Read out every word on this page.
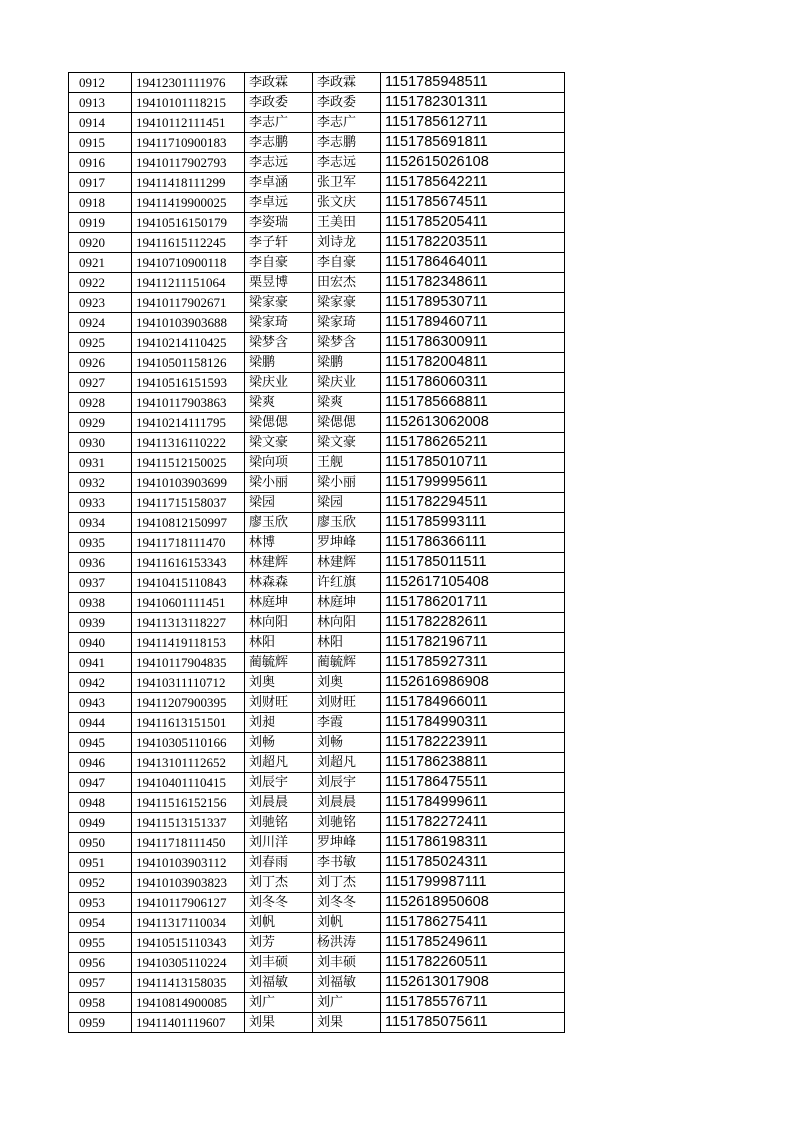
0912	19412301111976	李政霖	李政霖	1151785948511
0913	19410101118215	李政委	李政委	1151782301311
0914	19410112111451	李志广	李志广	1151785612711
0915	19411710900183	李志鹏	李志鹏	1151785691811
0916	19410117902793	李志远	李志远	1152615026108
0917	19411418111299	李卓涵	张卫军	1151785642211
0918	19411419900025	李卓远	张文庆	1151785674511
0919	19410516150179	李姿瑞	王美田	1151785205411
0920	19411615112245	李子轩	刘诗龙	1151782203511
0921	19410710900118	李自豪	李自豪	1151786464011
0922	19411211151064	栗昱博	田宏杰	1151782348611
0923	19410117902671	梁家豪	梁家豪	1151789530711
0924	19410103903688	梁家琦	梁家琦	1151789460711
0925	19410214110425	梁梦含	梁梦含	1151786300911
0926	19410501158126	梁鹏	梁鹏	1151782004811
0927	19410516151593	梁庆业	梁庆业	1151786060311
0928	19410117903863	梁爽	梁爽	1151785668811
0929	19410214111795	梁偲偲	梁偲偲	1152613062008
0930	19411316110222	梁文豪	梁文豪	1151786265211
0931	19411512150025	梁向项	王舰	1151785010711
0932	19410103903699	梁小丽	梁小丽	1151799995611
0933	19411715158037	梁园	梁园	1151782294511
0934	19410812150997	廖玉欣	廖玉欣	1151785993111
0935	19411718111470	林博	罗坤峰	1151786366111
0936	19411616153343	林建辉	林建辉	1151785011511
0937	19410415110843	林森森	许红旗	1152617105408
0938	19410601111451	林庭坤	林庭坤	1151786201711
0939	19411313118227	林向阳	林向阳	1151782282611
0940	19411419118153	林阳	林阳	1151782196711
0941	19410117904835	蔺毓辉	蔺毓辉	1151785927311
0942	19410311110712	刘奥	刘奥	1152616986908
0943	19411207900395	刘财旺	刘财旺	1151784966011
0944	19411613151501	刘昶	李霞	1151784990311
0945	19410305110166	刘畅	刘畅	1151782223911
0946	19413101112652	刘超凡	刘超凡	1151786238811
0947	19410401110415	刘辰宇	刘辰宇	1151786475511
0948	19411516152156	刘晨晨	刘晨晨	1151784999611
0949	19411513151337	刘驰铭	刘驰铭	1151782272411
0950	19411718111450	刘川洋	罗坤峰	1151786198311
0951	19410103903112	刘春雨	李书敏	1151785024311
0952	19410103903823	刘丁杰	刘丁杰	1151799987111
0953	19410117906127	刘冬冬	刘冬冬	1152618950608
0954	19411317110034	刘帆	刘帆	1151786275411
0955	19410515110343	刘芳	杨洪涛	1151785249611
0956	19410305110224	刘丰硕	刘丰硕	1151782260511
0957	19411413158035	刘福敏	刘福敏	1152613017908
0958	19410814900085	刘广	刘广	1151785576711
0959	19411401119607	刘果	刘果	1151785075611
